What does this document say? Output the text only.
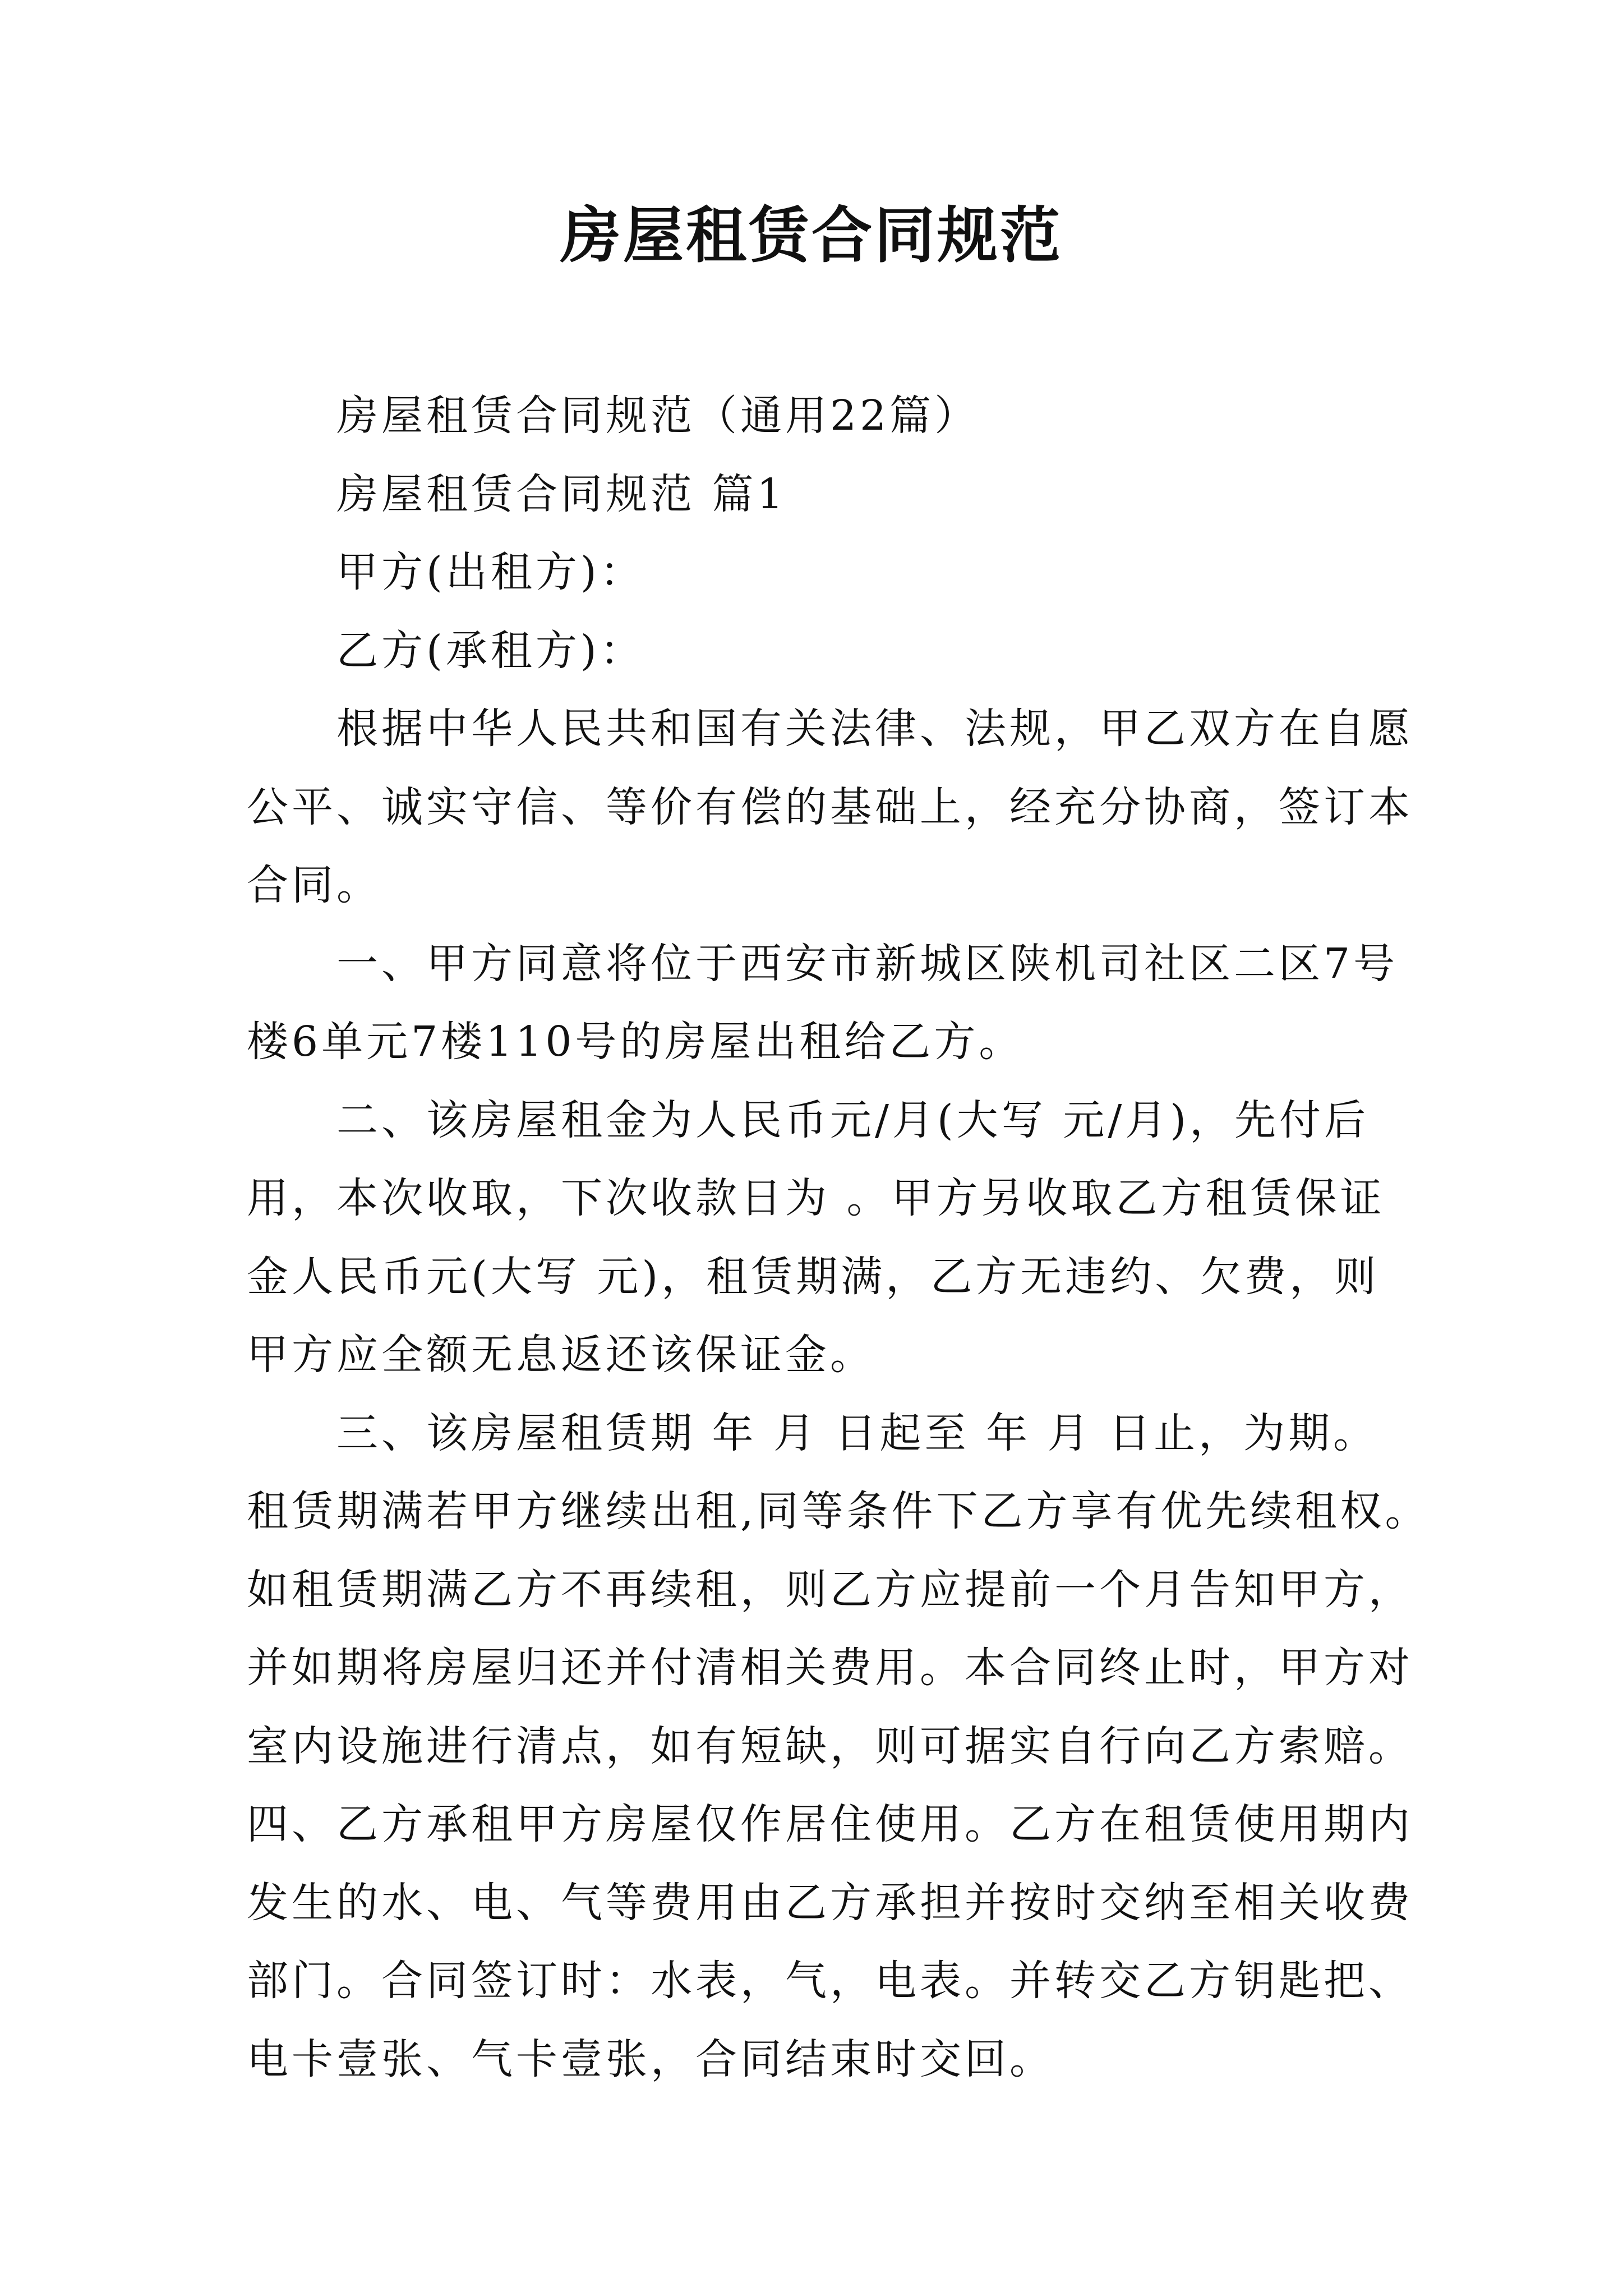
房屋租赁合同规范
房屋租赁合同规范（通用22篇）
房屋租赁合同规范 篇1
甲方(出租方)：
乙方(承租方)：
根据中华人民共和国有关法律、法规，甲乙双方在自愿
公平、诚实守信、等价有偿的基础上，经充分协商，签订本
合同。
一、甲方同意将位于西安市新城区陕机司社区二区7号
楼6单元7楼110号的房屋出租给乙方。
二、该房屋租金为人民币元/月(大写 元/月)，先付后
用，本次收取，下次收款日为 。甲方另收取乙方租赁保证
金人民币元(大写 元)，租赁期满，乙方无违约、欠费，则
甲方应全额无息返还该保证金。
三、该房屋租赁期 年 月 日起至 年 月 日止，为期。
租赁期满若甲方继续出租,同等条件下乙方享有优先续租权。
如租赁期满乙方不再续租，则乙方应提前一个月告知甲方，
并如期将房屋归还并付清相关费用。本合同终止时，甲方对
室内设施进行清点，如有短缺，则可据实自行向乙方索赔。
四、乙方承租甲方房屋仅作居住使用。乙方在租赁使用期内
发生的水、电、气等费用由乙方承担并按时交纳至相关收费
部门。合同签订时：水表，气，电表。并转交乙方钥匙把、
电卡壹张、气卡壹张，合同结束时交回。
